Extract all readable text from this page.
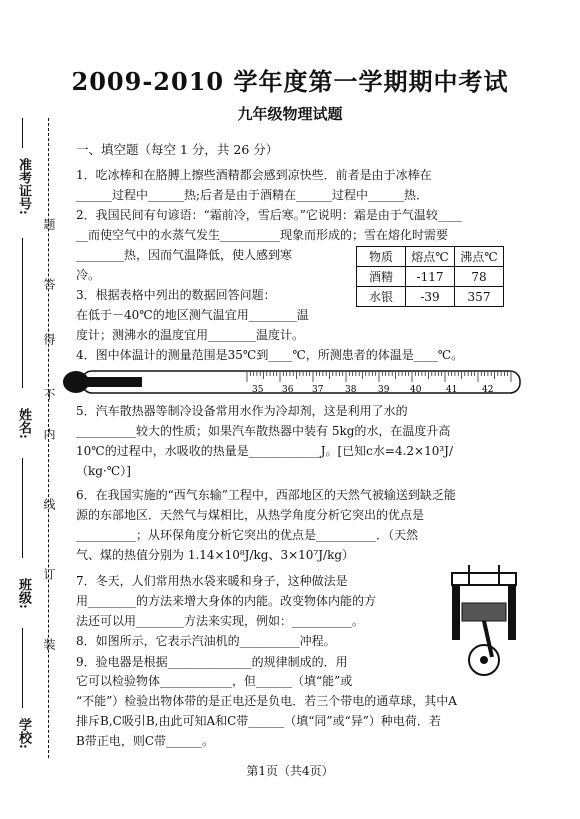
2009-2010 学年度第一学期期中考试
九年级物理试题
一、填空题（每空 1 分，共 26 分）
准考证号:
姓名:
班级:
学校:
装
订
线
内
不
得
答
题
1．吃冰棒和在胳膊上擦些酒精都会感到凉快些．前者是由于冰棒在
______过程中______热;后者是由于酒精在______过程中______热．
2．我国民间有句谚语：“霜前冷，雪后寒。”它说明：霜是由于气温较____
__而使空气中的水蒸气发生__________现象而形成的；雪在熔化时需要
________热，因而气温降低，使人感到寒
冷。
3．根据表格中列出的数据回答问题：
在低于－40℃的地区测气温宜用________温
度计；测沸水的温度宜用________温度计。
4．图中体温计的测量范围是35℃到____℃，所测患者的体温是____℃。
物质	熔点℃	沸点℃
酒精	-117	78
水银	-39	357
35 36 37 38 39 40	41	42
5．汽车散热器等制冷设备常用水作为冷却剂，这是利用了水的
__________较大的性质；如果汽车散热器中装有 5kg的水，在温度升高
10℃的过程中，水吸收的热量是____________J。[已知c水=4.2×10³J/
（kg·℃）]
6．在我国实施的“西气东输”工程中，西部地区的天然气被输送到缺乏能
源的东部地区．天然气与煤相比，从热学角度分析它突出的优点是
__________；从环保角度分析它突出的优点是__________．（天然
气、煤的热值分别为 1.14×10⁸J/kg、3×10⁷J/kg）
7．冬天，人们常用热水袋来暖和身子，这种做法是
用________的方法来增大身体的内能。改变物体内能的方
法还可以用________方法来实现，例如：__________。
8．如图所示，它表示汽油机的__________冲程。
9．验电器是根据______________的规律制成的．用
它可以检验物体____________，但______（填“能”或
“不能”）检验出物体带的是正电还是负电．若三个带电的通草球，其中A
排斥B,C吸引B,由此可知A和C带______（填“同”或“异”）种电荷．若
B带正电，则C带______。
第1页（共4页）
